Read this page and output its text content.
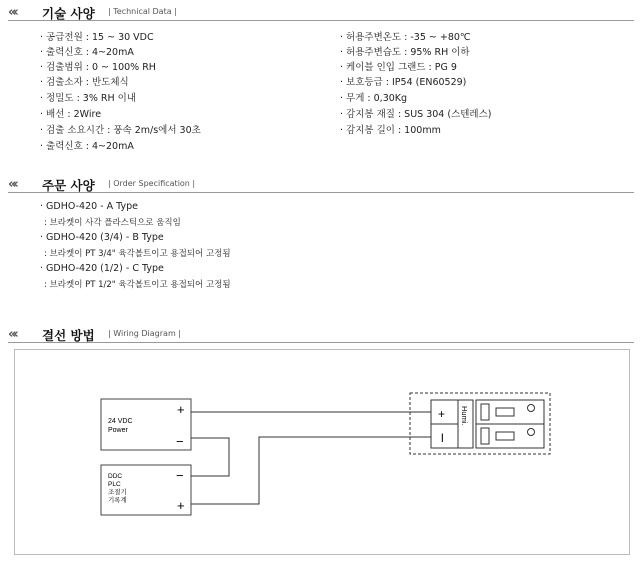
«‹ 기술 사양 | Technical Data |
· 공급전원 : 15 ~ 30 VDC
· 출력신호 : 4~20mA
· 검출범위 : 0 ~ 100% RH
· 검출소자 : 반도체식
· 정밀도 : 3% RH 이내
· 배선 : 2Wire
· 검출 소요시간 : 풍속 2m/s에서 30초
· 출력신호 : 4~20mA
· 허용주변온도 : -35 ~ +80℃
· 허용주변습도 : 95% RH 이하
· 케이블 인입 그랜드 : PG 9
· 보호등급 : IP54 (EN60529)
· 무게 : 0,30Kg
· 감지봉 재질 : SUS 304 (스텐레스)
· 감지봉 길이 : 100mm
«‹ 주문 사양 | Order Specification |
· GDHO-420 - A Type
: 브라켓이 사각 플라스틱으로 움직임
· GDHO-420 (3/4) - B Type
: 브라켓이 PT 3/4" 육각볼트이고 용접되어 고정됨
· GDHO-420 (1/2) - C Type
: 브라켓이 PT 1/2" 육각볼트이고 용접되어 고정됨
«‹ 결선 방법 | Wiring Diagram |
24 VDC
Power
+
−
DDC
PLC
조절기
기록계
−
+
+
l
Humi.
